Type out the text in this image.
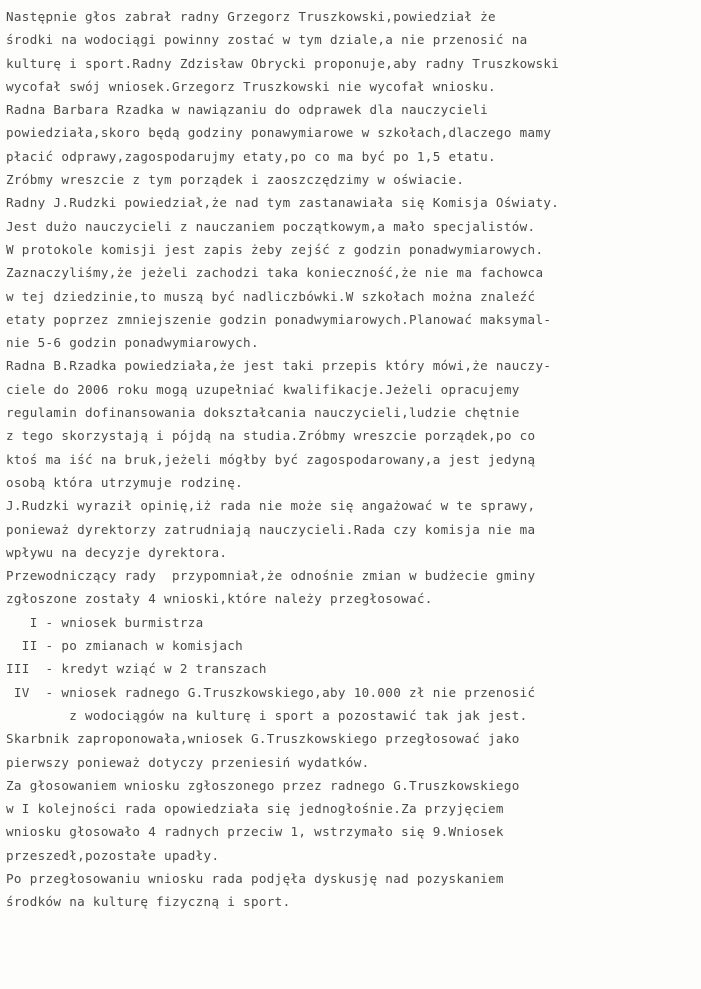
Następnie głos zabrał radny Grzegorz Truszkowski,powiedział że
środki na wodociągi powinny zostać w tym dziale,a nie przenosić na
kulturę i sport.Radny Zdzisław Obrycki proponuje,aby radny Truszkowski
wycofał swój wniosek.Grzegorz Truszkowski nie wycofał wniosku.
Radna Barbara Rzadka w nawiązaniu do odprawek dla nauczycieli
powiedziała,skoro będą godziny ponawymiarowe w szkołach,dlaczego mamy
płacić odprawy,zagospodarujmy etaty,po co ma być po 1,5 etatu.
Zróbmy wreszcie z tym porządek i zaoszczędzimy w oświacie.
Radny J.Rudzki powiedział,że nad tym zastanawiała się Komisja Oświaty.
Jest dużo nauczycieli z nauczaniem początkowym,a mało specjalistów.
W protokole komisji jest zapis żeby zejść z godzin ponadwymiarowych.
Zaznaczyliśmy,że jeżeli zachodzi taka konieczność,że nie ma fachowca
w tej dziedzinie,to muszą być nadliczbówki.W szkołach można znaleźć
etaty poprzez zmniejszenie godzin ponadwymiarowych.Planować maksymal-
nie 5-6 godzin ponadwymiarowych.
Radna B.Rzadka powiedziała,że jest taki przepis który mówi,że nauczy-
ciele do 2006 roku mogą uzupełniać kwalifikacje.Jeżeli opracujemy
regulamin dofinansowania dokształcania nauczycieli,ludzie chętnie
z tego skorzystają i pójdą na studia.Zróbmy wreszcie porządek,po co
ktoś ma iść na bruk,jeżeli mógłby być zagospodarowany,a jest jedyną
osobą która utrzymuje rodzinę.
J.Rudzki wyraził opinię,iż rada nie może się angażować w te sprawy,
ponieważ dyrektorzy zatrudniają nauczycieli.Rada czy komisja nie ma
wpływu na decyzje dyrektora.
Przewodniczący rady  przypomniał,że odnośnie zmian w budżecie gminy
zgłoszone zostały 4 wnioski,które należy przegłosować.
I - wniosek burmistrza
II - po zmianach w komisjach
III  - kredyt wziąć w 2 transzach
IV  - wniosek radnego G.Truszkowskiego,aby 10.000 zł nie przenosić
z wodociągów na kulturę i sport a pozostawić tak jak jest.
Skarbnik zaproponowała,wniosek G.Truszkowskiego przegłosować jako
pierwszy ponieważ dotyczy przeniesiń wydatków.
Za głosowaniem wniosku zgłoszonego przez radnego G.Truszkowskiego
w I kolejności rada opowiedziała się jednogłośnie.Za przyjęciem
wniosku głosowało 4 radnych przeciw 1, wstrzymało się 9.Wniosek
przeszedł,pozostałe upadły.
Po przegłosowaniu wniosku rada podjęła dyskusję nad pozyskaniem
środków na kulturę fizyczną i sport.
